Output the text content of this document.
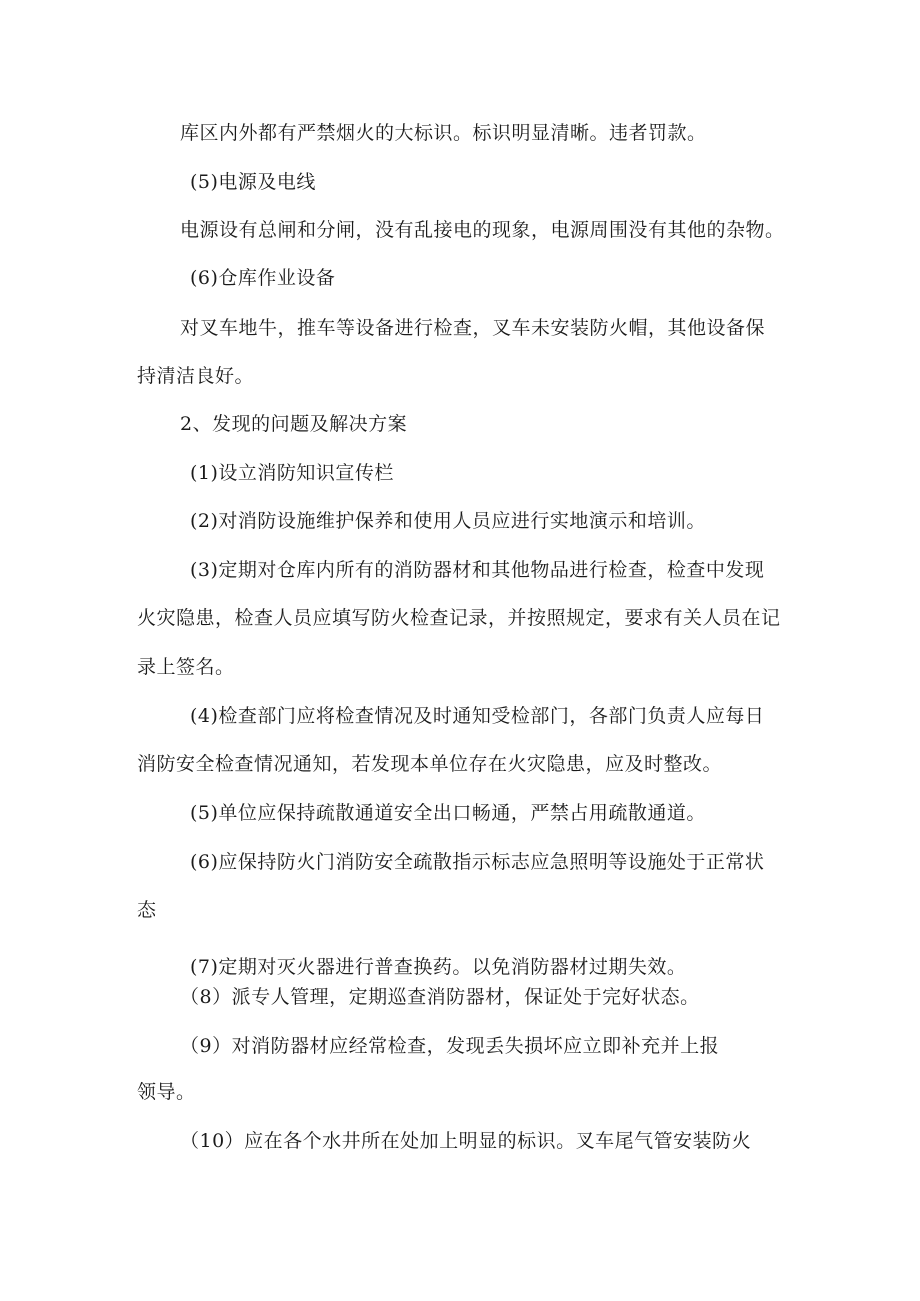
库区内外都有严禁烟火的大标识。标识明显清晰。违者罚款。
(5)电源及电线
电源设有总闸和分闸，没有乱接电的现象，电源周围没有其他的杂物。
(6)仓库作业设备
对叉车地牛，推车等设备进行检查，叉车未安装防火帽，其他设备保
持清洁良好。
2、发现的问题及解决方案
(1)设立消防知识宣传栏
(2)对消防设施维护保养和使用人员应进行实地演示和培训。
(3)定期对仓库内所有的消防器材和其他物品进行检查，检查中发现
火灾隐患，检查人员应填写防火检查记录，并按照规定，要求有关人员在记
录上签名。
(4)检查部门应将检查情况及时通知受检部门，各部门负责人应每日
消防安全检查情况通知，若发现本单位存在火灾隐患，应及时整改。
(5)单位应保持疏散通道安全出口畅通，严禁占用疏散通道。
(6)应保持防火门消防安全疏散指示标志应急照明等设施处于正常状
态
(7)定期对灭火器进行普查换药。以免消防器材过期失效。
（8）派专人管理，定期巡查消防器材，保证处于完好状态。
（9）对消防器材应经常检查，发现丢失损坏应立即补充并上报
领导。
（10）应在各个水井所在处加上明显的标识。叉车尾气管安装防火
